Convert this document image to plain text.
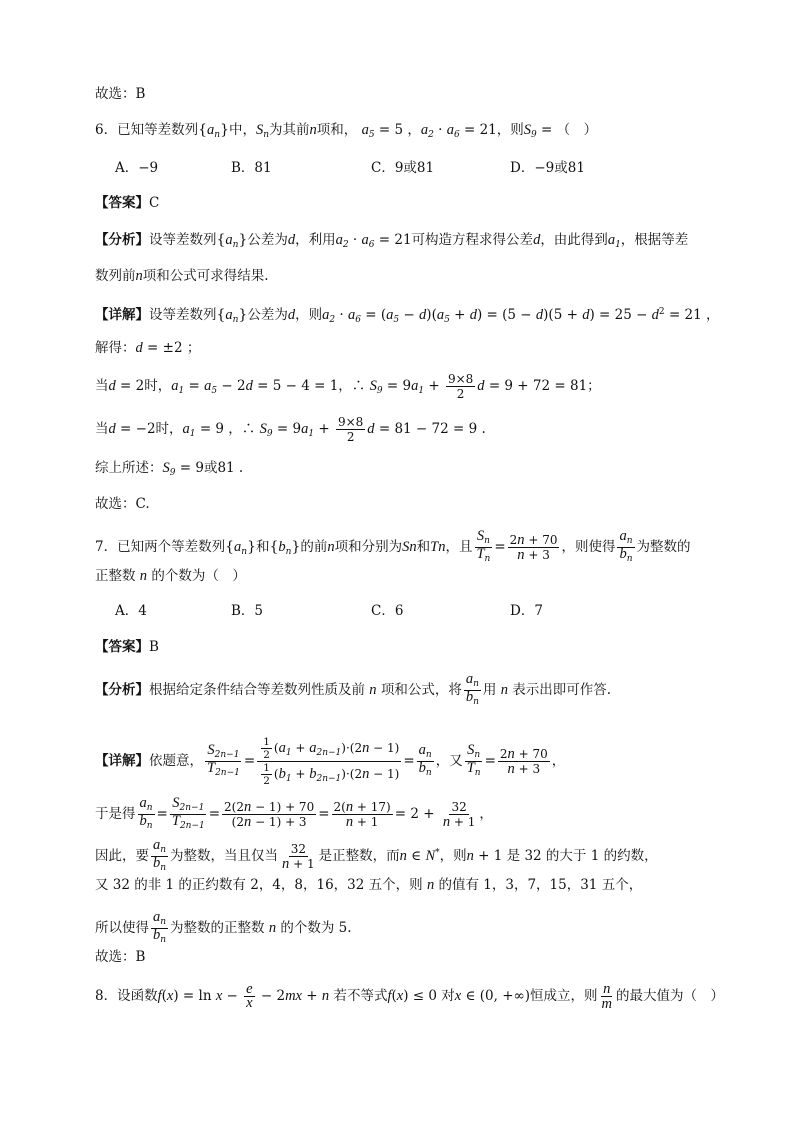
故选：B
6．已知等差数列$\{a_n\}$中，$S_n$为其前n项和， $a_5 = 5$ ，$a_2 \cdot a_6 = 21$，则$S_9$ = （　）
A．−9	B．81	C．9或81	D．−9或81
【答案】C
【分析】设等差数列$\{a_n\}$公差为d，利用$a_2 \cdot a_6 = 21$可构造方程求得公差d，由此得到$a_1$，根据等差
数列前n项和公式可求得结果.
【详解】设等差数列$\{a_n\}$公差为d，则$a_2 \cdot a_6 = (a_5 - d)(a_5 + d) = (5 - d)(5 + d) = 25 - d^2 = 21$ ，
解得：d = ±2 ；
当d = 2时，$a_1 = a_5 - 2d = 5 - 4 = 1$，∴ $S_9 = 9a_1 + \frac{9\times 8}{2}$ d = 9 + 72 = 81；
当d = −2时，$a_1 = 9$ ，∴ $S_9 = 9a_1 + \frac{9\times 8}{2}$ d = 81 − 72 = 9 .
综上所述：$S_9 = 9$或81 .
故选：C.
7．已知两个等差数列$\{a_n\}$和$\{b_n\}$的前n项和分别为Sn和Tn，且 $\frac{Sn}{Tn} = \frac{2n + 70}{n + 3}$ ，则使得 $\frac{an}{bn}$ 为整数的
正整数 n 的个数为（　）
A．4	B．5	C．6	D．7
【答案】B
【分析】根据给定条件结合等差数列性质及前 n 项和公式，将 $\frac{an}{bn}$ 用 n 表示出即可作答.
【详解】依题意， $\frac{S2n-1}{T2n-1} = \frac{\frac{1}{2} (a_1 + a_{2n-1})\cdot(2n - 1)}{\frac{1}{2} (b_1 + b_{2n-1})\cdot(2n - 1)} = \frac{an}{bn}$ ，又 $\frac{Sn}{Tn} = \frac{2n + 70}{n + 3}$ ，
于是得 $\frac{an}{bn} = \frac{S2n-1}{T2n-1} = \frac{2(2n - 1) + 70}{(2n - 1) + 3} = \frac{2(n + 17)}{n + 1} = 2 + \frac{32}{n + 1}$ ，
因此，要 $\frac{an}{bn}$ 为整数，当且仅当 $\frac{32}{n + 1}$ 是正整数，而n ∈ N*，则n + 1 是 32 的大于 1 的约数，
又 32 的非 1 的正约数有 2，4，8，16，32 五个，则 n 的值有 1，3，7，15，31 五个，
所以使得 $\frac{an}{bn}$ 为整数的正整数 n 的个数为 5.
故选：B
8．设函数$f(x) = \ln x - \frac{e}{x} - 2mx + n$ 若不等式f(x) ≤ 0 对x ∈ (0, +∞)恒成立，则 $\frac{n}{m}$ 的最大值为（　）
